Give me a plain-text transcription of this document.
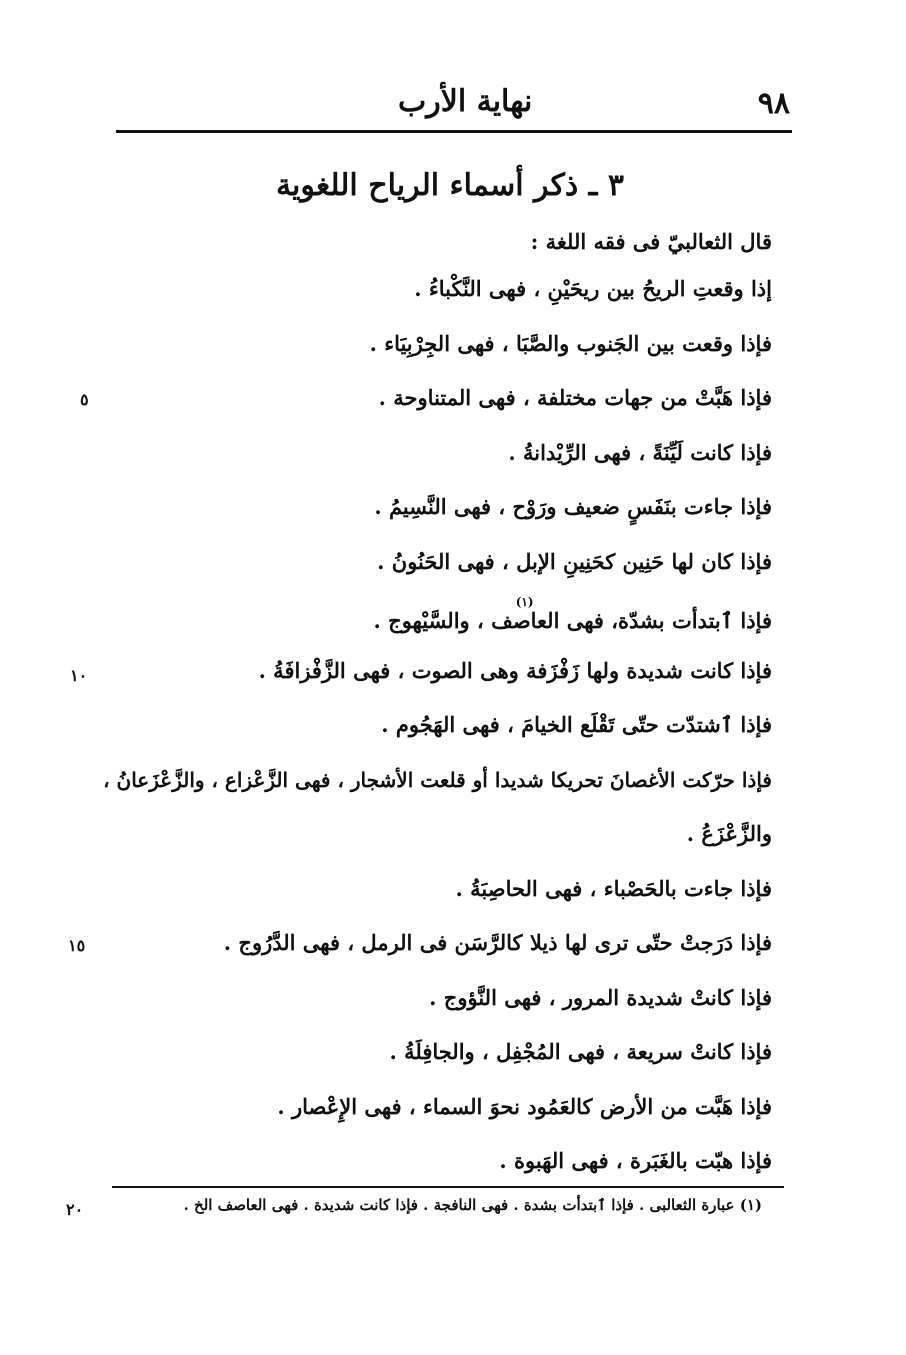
نهاية الأرب	٩٨
٣ ـ ذكر أسماء الرياح اللغوية
قال الثعالبيّ فى فقه اللغة :
إذا وقعتِ الريحُ بين ريحَيْنِ ، فهى النَّكْباءُ .
فإذا وقعت بين الجَنوب والصَّبَا ، فهى الجِرْبِيَاء .
فإذا هَبَّتْ من جهات مختلفة ، فهى المتناوحة .
فإذا كانت لَيِّنَةً ، فهى الرِّيْدانةُ .
فإذا جاءت بنَفَسٍ ضعيف ورَوْح ، فهى النَّسِيمُ .
فإذا كان لها حَنِين كحَنِينِ الإبل ، فهى الحَنُونُ .
فإذا ٱبتدأت بشدّة، فهى العاصف ، والسَّيْهوج .$^{(١)}$
فإذا كانت شديدة ولها زَفْزَفة وهى الصوت ، فهى الزَّفْزافَةُ .
فإذا ٱشتدّت حتّى تَقْلَع الخيامَ ، فهى الهَجُوم .
فإذا حرّكت الأغصانَ تحريكا شديدا أو قلعت الأشجار ، فهى الزَّعْزاع ، والزَّعْزَعانُ ،
والزَّعْزَعُ .
فإذا جاءت بالحَصْباء ، فهى الحاصِبَةُ .
فإذا دَرَجتْ حتّى ترى لها ذيلا كالرَّسَن فى الرمل ، فهى الدَّرُوج .
فإذا كانتْ شديدة المرور ، فهى النَّؤوج .
فإذا كانتْ سريعة ، فهى المُجْفِل ، والجافِلَةُ .
فإذا هَبَّت من الأرض كالعَمُود نحوَ السماء ، فهى الإِعْصار .
فإذا هبّت بالغَبَرة ، فهى الهَبوة .
٥
١٠
١٥
٢٠	(١) عبارة الثعالبى . فإذا ٱبتدأت بشدة . فهى النافجة . فإذا كانت شديدة . فهى العاصف الخ .
